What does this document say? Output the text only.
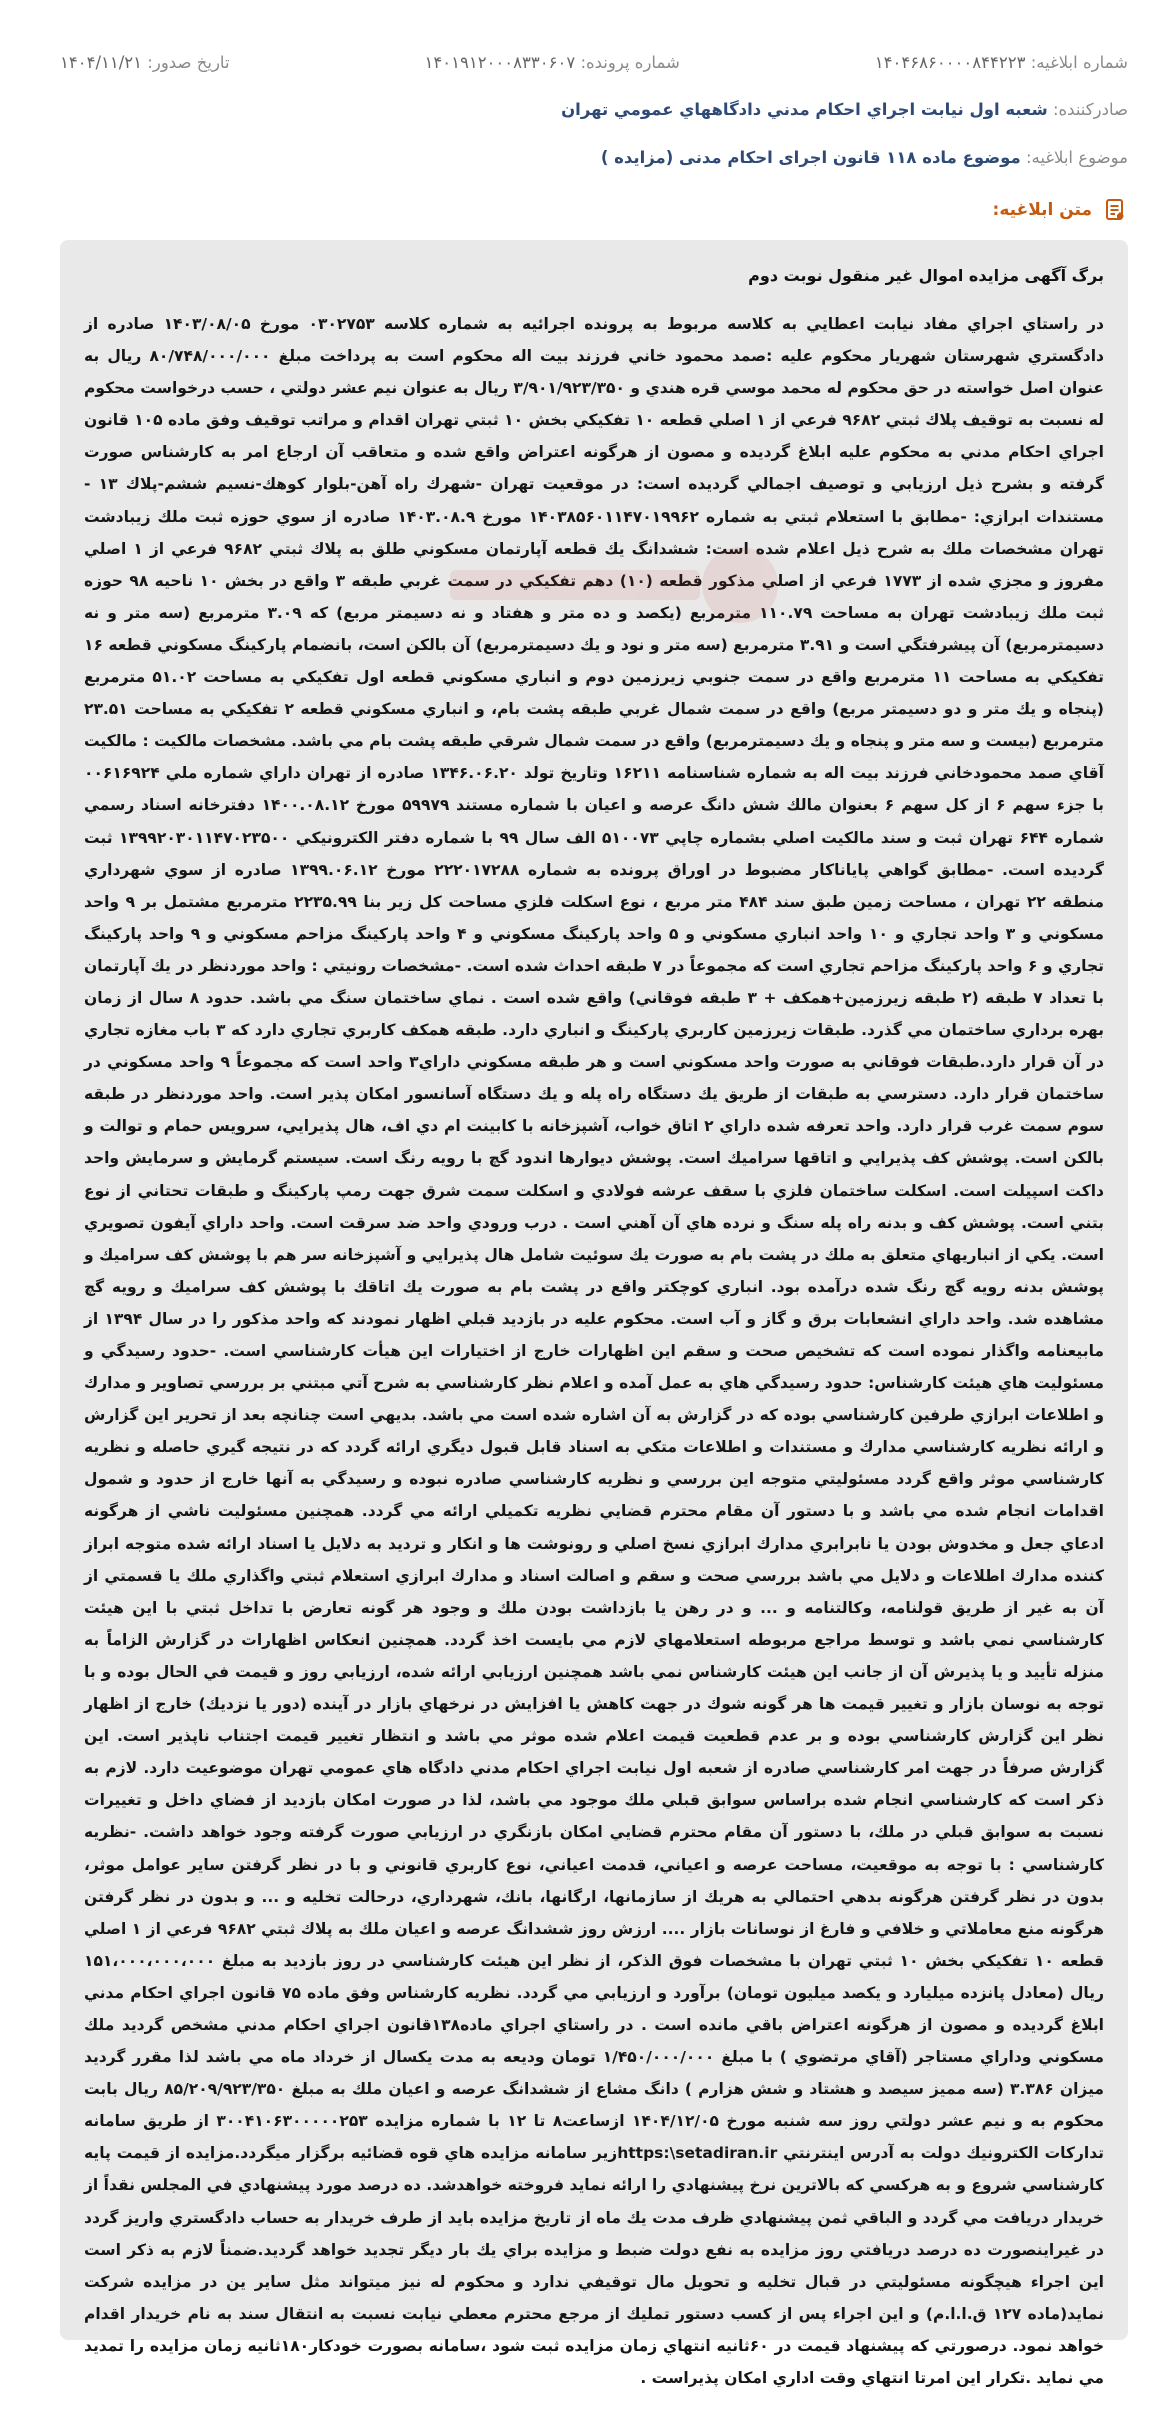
شماره ابلاغیه: ۱۴۰۴۶۸۶۰۰۰۰۸۴۴۲۲۳
شماره پرونده: ۱۴۰۱۹۱۲۰۰۰۸۳۳۰۶۰۷
تاریخ صدور: ۱۴۰۴/۱۱/۲۱
صادرکننده: شعبه اول نيابت اجراي احكام مدني دادگاههاي عمومي تهران
موضوع ابلاغیه: موضوع ماده ۱۱۸ قانون اجرای احکام مدنی (مزایده )
متن ابلاغیه:

برگ آگهی مزایده اموال غیر منقول نوبت دوم

در راستاي اجراي مفاد نيابت اعطايي به كلاسه مربوط به پرونده اجرائيه به شماره كلاسه ۰۳۰۲۷۵۳ مورخ ۱۴۰۳/۰۸/۰۵ صادره از دادگستري شهرستان شهريار محكوم عليه :صمد محمود خاني فرزند بيت اله محكوم است به پرداخت مبلغ ۸۰/۷۴۸/۰۰۰/۰۰۰ ريال به عنوان اصل خواسته در حق محكوم له محمد موسي قره هندي و ۳/۹۰۱/۹۲۳/۳۵۰ ريال به عنوان نيم عشر دولتي ، حسب درخواست محكوم له نسبت به توقيف پلاك ثبتي ۹۶۸۲ فرعي از ۱ اصلي قطعه ۱۰ تفكيكي بخش ۱۰ ثبتي تهران اقدام و مراتب توقيف وفق ماده ۱۰۵ قانون اجراي احكام مدني به محكوم عليه ابلاغ گرديده و مصون از هرگونه اعتراض واقع شده و متعاقب آن ارجاع امر به كارشناس صورت گرفته و بشرح ذيل ارزيابي و توصيف اجمالي گرديده است: در موقعيت تهران -شهرك راه آهن-بلوار كوهك-نسيم ششم-پلاك ۱۳ - مستندات ابرازي: -مطابق با استعلام ثبتي به شماره ۱۴۰۳۸۵۶۰۱۱۴۷۰۱۹۹۶۲ مورخ ۱۴۰۳.۰۸.۹ صادره از سوي حوزه ثبت ملك زيبادشت تهران مشخصات ملك به شرح ذيل اعلام شده است: ششدانگ يك قطعه آپارتمان مسكوني طلق به پلاك ثبتي ۹۶۸۲ فرعي از ۱ اصلي مفروز و مجزي شده از ۱۷۷۳ فرعي از اصلي مذكور قطعه (۱۰) دهم تفكيكي در سمت غربي طبقه ۳ واقع در بخش ۱۰ ناحيه ۹۸ حوزه ثبت ملك زيبادشت تهران به مساحت ۱۱۰.۷۹ مترمربع (يكصد و ده متر و هفتاد و نه دسيمتر مربع) كه ۳.۰۹ مترمربع (سه متر و نه دسيمترمربع) آن پيشرفتگي است و ۳.۹۱ مترمربع (سه متر و نود و يك دسيمترمربع) آن بالكن است، بانضمام پاركينگ مسكوني قطعه ۱۶ تفكيكي به مساحت ۱۱ مترمربع واقع در سمت جنوبي زيرزمين دوم و انباري مسكوني قطعه اول تفكيكي به مساحت ۵۱.۰۲ مترمربع (پنجاه و يك متر و دو دسيمتر مربع) واقع در سمت شمال غربي طبقه پشت بام، و انباري مسكوني قطعه ۲ تفكيكي به مساحت ۲۳.۵۱ مترمربع (بيست و سه متر و پنجاه و يك دسيمترمربع) واقع در سمت شمال شرقي طبقه پشت بام مي باشد. مشخصات مالكيت : مالكيت آقاي صمد محمودخاني فرزند بيت اله به شماره شناسنامه ۱۶۲۱۱ وتاريخ تولد ۱۳۴۶.۰۶.۲۰ صادره از تهران داراي شماره ملي ۰۰۶۱۶۹۲۴ با جزء سهم ۶ از كل سهم ۶ بعنوان مالك شش دانگ عرصه و اعيان با شماره مستند ۵۹۹۷۹ مورخ ۱۴۰۰.۰۸.۱۲ دفترخانه اسناد رسمي شماره ۶۴۴ تهران ثبت و سند مالكيت اصلي بشماره چاپي ۵۱۰۰۷۳ الف سال ۹۹ با شماره دفتر الكترونيكي ۱۳۹۹۲۰۳۰۱۱۴۷۰۲۳۵۰۰ ثبت گرديده است. -مطابق گواهي پاياناكار مضبوط در اوراق پرونده به شماره ۲۲۲۰۱۷۲۸۸ مورخ ۱۳۹۹.۰۶.۱۲ صادره از سوي شهرداري منطقه ۲۲ تهران ، مساحت زمين طبق سند ۴۸۴ متر مربع ، نوع اسكلت فلزي مساحت كل زير بنا ۲۲۳۵.۹۹ مترمربع مشتمل بر ۹ واحد مسكوني و ۳ واحد تجاري و ۱۰ واحد انباري مسكوني و ۵ واحد پاركينگ مسكوني و ۴ واحد پاركينگ مزاحم مسكوني و ۹ واحد پاركينگ تجاري و ۶ واحد پاركينگ مزاحم تجاري است كه مجموعاً در ۷ طبقه احداث شده است. -مشخصات رونيتي : واحد موردنظر در يك آپارتمان با تعداد ۷ طبقه (۲ طبقه زيرزمين+همكف + ۳ طبقه فوقاني) واقع شده است . نماي ساختمان سنگ مي باشد. حدود ۸ سال از زمان بهره برداري ساختمان مي گذرد. طبقات زيرزمين كاربري پاركينگ و انباري دارد. طبقه همكف كاربري تجاري دارد كه ۳ باب مغازه تجاري در آن قرار دارد.طبقات فوقاني به صورت واحد مسكوني است و هر طبقه مسكوني داراي۳ واحد است كه مجموعاً ۹ واحد مسكوني در ساختمان قرار دارد. دسترسي به طبقات از طريق يك دستگاه راه پله و يك دستگاه آسانسور امكان پذير است. واحد موردنظر در طبقه سوم سمت غرب قرار دارد. واحد تعرفه شده داراي ۲ اتاق خواب، آشپزخانه با كابينت ام دي اف، هال پذيرايي، سرويس حمام و توالت و بالكن است. پوشش كف پذيرايي و اتاقها سراميك است. پوشش ديوارها اندود گچ با رويه رنگ است. سيستم گرمايش و سرمايش واحد داكت اسپيلت است. اسكلت ساختمان فلزي با سقف عرشه فولادي و اسكلت سمت شرق جهت رمپ پاركينگ و طبقات تحتاني از نوع بتني است. پوشش كف و بدنه راه پله سنگ و نرده هاي آن آهني است . درب ورودي واحد ضد سرقت است. واحد داراي آيفون تصويري است. يكي از انباريهاي متعلق به ملك در پشت بام به صورت يك سوئيت شامل هال پذيرايي و آشپزخانه سر هم با پوشش كف سراميك و پوشش بدنه رويه گچ رنگ شده درآمده بود. انباري كوچكتر واقع در پشت بام به صورت يك اتاقك با پوشش كف سراميك و رويه گچ مشاهده شد. واحد داراي انشعابات برق و گاز و آب است. محكوم عليه در بازديد قبلي اظهار نمودند كه واحد مذكور را در سال ۱۳۹۴ از مابيعنامه واگذار نموده است كه تشخيص صحت و سقم اين اظهارات خارج از اختيارات اين هيأت كارشناسي است. -حدود رسيدگي و مسئوليت هاي هيئت كارشناس: حدود رسيدگي هاي به عمل آمده و اعلام نظر كارشناسي به شرح آتي مبتني بر بررسي تصاوير و مدارك و اطلاعات ابرازي طرفين كارشناسي بوده كه در گزارش به آن اشاره شده است مي باشد. بديهي است چنانچه بعد از تحرير اين گزارش و ارائه نظريه كارشناسي مدارك و مستندات و اطلاعات متكي به اسناد قابل قبول ديگري ارائه گردد كه در نتيجه گيري حاصله و نظريه كارشناسي موثر واقع گردد مسئوليتي متوجه اين بررسي و نظريه كارشناسي صادره نبوده و رسيدگي به آنها خارج از حدود و شمول اقدامات انجام شده مي باشد و با دستور آن مقام محترم قضايي نظريه تكميلي ارائه مي گردد. همچنين مسئوليت ناشي از هرگونه ادعاي جعل و مخدوش بودن يا نابرابري مدارك ابرازي نسخ اصلي و رونوشت ها و انكار و ترديد به دلايل يا اسناد ارائه شده متوجه ابراز كننده مدارك اطلاعات و دلايل مي باشد بررسي صحت و سقم و اصالت اسناد و مدارك ابرازي استعلام ثبتي واگذاري ملك يا قسمتي از آن به غير از طريق قولنامه، وكالتنامه و ... و در رهن يا بازداشت بودن ملك و وجود هر گونه تعارض با تداخل ثبتي با اين هيئت كارشناسي نمي باشد و توسط مراجع مربوطه استعلامهاي لازم مي بايست اخذ گردد. همچنين انعكاس اظهارات در گزارش الزاماً به منزله تأييد و يا پذيرش آن از جانب اين هيئت كارشناس نمي باشد همچنين ارزيابي ارائه شده، ارزيابي روز و قيمت في الحال بوده و با توجه به نوسان بازار و تغيير قيمت ها هر گونه شوك در جهت كاهش يا افزايش در نرخهاي بازار در آينده (دور يا نزديك) خارج از اظهار نظر اين گزارش كارشناسي بوده و بر عدم قطعيت قيمت اعلام شده موثر مي باشد و انتظار تغيير قيمت اجتناب ناپذير است. اين گزارش صرفاً در جهت امر كارشناسي صادره از شعبه اول نيابت اجراي احكام مدني دادگاه هاي عمومي تهران موضوعيت دارد. لازم به ذكر است كه كارشناسي انجام شده براساس سوابق قبلي ملك موجود مي باشد، لذا در صورت امكان بازديد از فضاي داخل و تغييرات نسبت به سوابق قبلي در ملك، با دستور آن مقام محترم قضايي امكان بازنگري در ارزيابي صورت گرفته وجود خواهد داشت. -نظريه كارشناسي : با توجه به موقعيت، مساحت عرصه و اعياني، قدمت اعياني، نوع كاربري قانوني و با در نظر گرفتن ساير عوامل موثر، بدون در نظر گرفتن هرگونه بدهي احتمالي به هريك از سازمانها، ارگانها، بانك، شهرداري، درحالت تخليه و ... و بدون در نظر گرفتن هرگونه منع معاملاتي و خلافي و فارغ از نوسانات بازار .... ارزش روز ششدانگ عرصه و اعيان ملك به پلاك ثبتي ۹۶۸۲ فرعي از ۱ اصلي قطعه ۱۰ تفكيكي بخش ۱۰ ثبتي تهران با مشخصات فوق الذكر، از نظر اين هيئت كارشناسي در روز بازديد به مبلغ ۱۵۱،۰۰۰،۰۰۰،۰۰۰ ريال (معادل پانزده ميليارد و يكصد ميليون تومان) برآورد و ارزيابي مي گردد. نظريه كارشناس وفق ماده ۷۵ قانون اجراي احكام مدني ابلاغ گرديده و مصون از هرگونه اعتراض باقي مانده است . در راستاي اجراي ماده۱۳۸قانون اجراي احكام مدني مشخص گرديد ملك مسكوني وداراي مستاجر (آقاي مرتضوي ) با مبلغ ۱/۴۵۰/۰۰۰/۰۰۰ تومان وديعه به مدت يكسال از خرداد ماه مي باشد لذا مقرر گرديد ميزان ۳.۳۸۶ (سه مميز سيصد و هشتاد و شش هزارم ) دانگ مشاع از ششدانگ عرصه و اعيان ملك به مبلغ ۸۵/۲۰۹/۹۲۳/۳۵۰ ريال بابت محكوم به و نيم عشر دولتي روز سه شنبه مورخ ۱۴۰۴/۱۲/۰۵ ازساعت۸ تا ۱۲ با شماره مزايده ۳۰۰۴۱۰۶۳۰۰۰۰۰۲۵۳ از طريق سامانه تداركات الكترونيك دولت به آدرس اينترنتي https:\setadiran.irزير سامانه مزايده هاي قوه قضائيه برگزار ميگردد.مزايده از قيمت پايه كارشناسي شروع و به هركسي كه بالاترين نرخ پيشنهادي را ارائه نمايد فروخته خواهدشد. ده درصد مورد پيشنهادي في المجلس نقداً از خريدار دريافت مي گردد و الباقي ثمن پيشنهادي ظرف مدت يك ماه از تاريخ مزايده بايد از طرف خريدار به حساب دادگستري واريز گردد در غيراينصورت ده درصد دريافتي روز مزايده به نفع دولت ضبط و مزايده براي يك بار ديگر تجديد خواهد گرديد.ضمناً لازم به ذكر است اين اجراء هيچگونه مسئوليتي در قبال تخليه و تحويل مال توقيفي ندارد و محكوم له نيز ميتواند مثل ساير ين در مزايده شركت نمايد(ماده ۱۲۷ ق.ا.ا.م) و اين اجراء پس از كسب دستور تمليك از مرجع محترم معطي نيابت نسبت به انتقال سند به نام خريدار اقدام خواهد نمود. درصورتي كه پيشنهاد قيمت در ۶۰ثانيه انتهاي زمان مزايده ثبت شود ،سامانه بصورت خودكار۱۸۰ثانيه زمان مزايده را تمديد مي نمايد .تكرار اين امرتا انتهاي وقت اداري امكان پذيراست .
